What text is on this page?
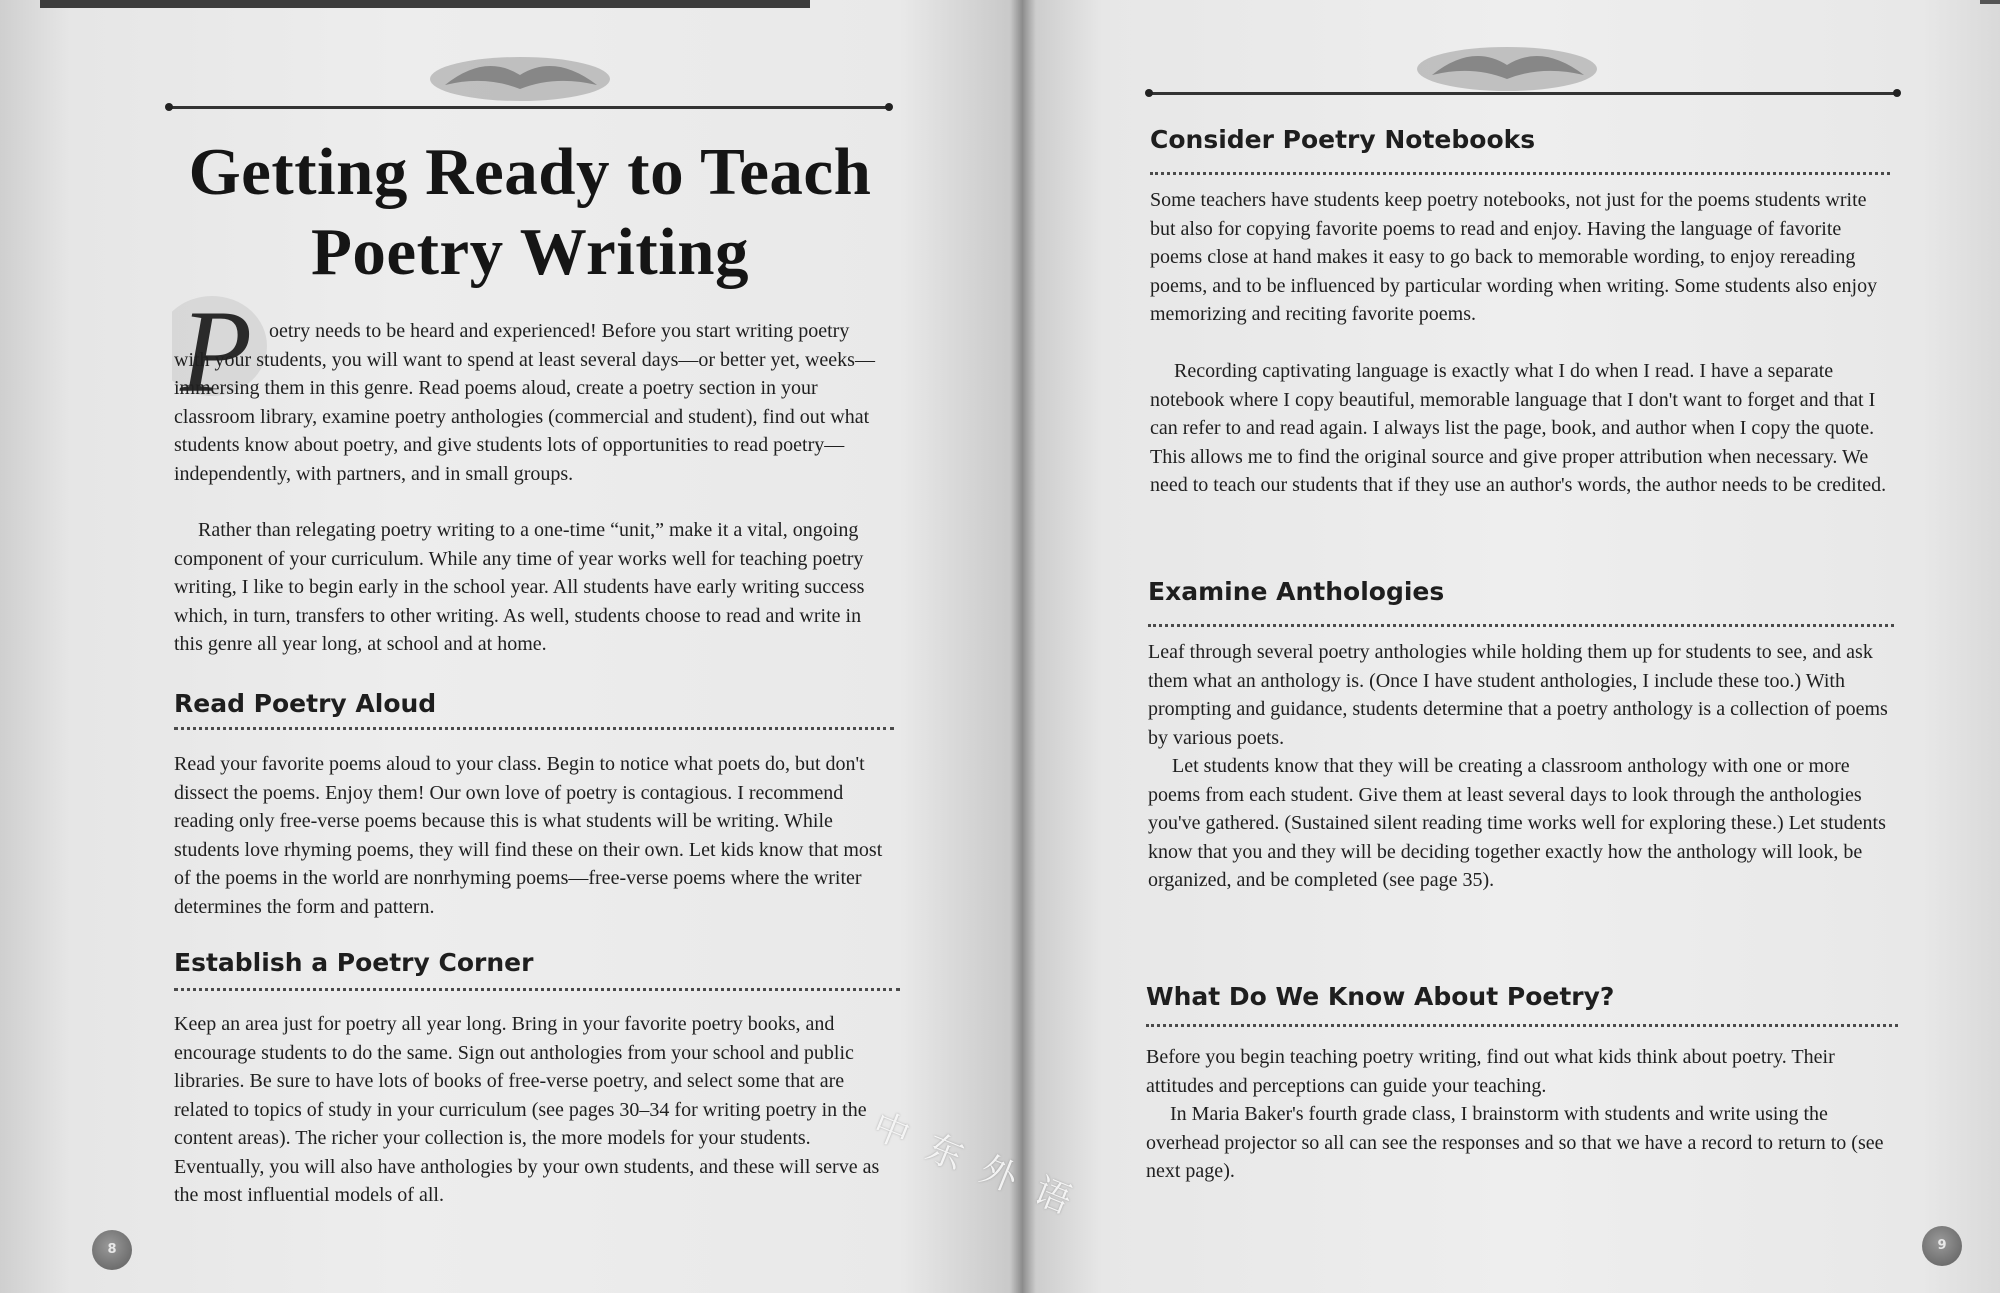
Getting Ready to Teach
Poetry Writing
P oetry needs to be heard and experienced! Before you start writing poetry with your students, you will want to spend at least several days—or better yet, weeks—immersing them in this genre. Read poems aloud, create a poetry section in your classroom library, examine poetry anthologies (commercial and student), find out what students know about poetry, and give students lots of opportunities to read poetry—independently, with partners, and in small groups.

Rather than relegating poetry writing to a one-time “unit,” make it a vital, ongoing component of your curriculum. While any time of year works well for teaching poetry writing, I like to begin early in the school year. All students have early writing success which, in turn, transfers to other writing. As well, students choose to read and write in this genre all year long, at school and at home.

Read Poetry Aloud

Read your favorite poems aloud to your class. Begin to notice what poets do, but don't dissect the poems. Enjoy them! Our own love of poetry is contagious. I recommend reading only free-verse poems because this is what students will be writing. While students love rhyming poems, they will find these on their own. Let kids know that most of the poems in the world are nonrhyming poems—free-verse poems where the writer determines the form and pattern.

Establish a Poetry Corner

Keep an area just for poetry all year long. Bring in your favorite poetry books, and encourage students to do the same. Sign out anthologies from your school and public libraries. Be sure to have lots of books of free-verse poetry, and select some that are related to topics of study in your curriculum (see pages 30–34 for writing poetry in the content areas). The richer your collection is, the more models for your students. Eventually, you will also have anthologies by your own students, and these will serve as the most influential models of all.

8
Consider Poetry Notebooks

Some teachers have students keep poetry notebooks, not just for the poems students write but also for copying favorite poems to read and enjoy. Having the language of favorite poems close at hand makes it easy to go back to memorable wording, to enjoy rereading poems, and to be influenced by particular wording when writing. Some students also enjoy memorizing and reciting favorite poems.

Recording captivating language is exactly what I do when I read. I have a separate notebook where I copy beautiful, memorable language that I don't want to forget and that I can refer to and read again. I always list the page, book, and author when I copy the quote. This allows me to find the original source and give proper attribution when necessary. We need to teach our students that if they use an author's words, the author needs to be credited.

Examine Anthologies

Leaf through several poetry anthologies while holding them up for students to see, and ask them what an anthology is. (Once I have student anthologies, I include these too.) With prompting and guidance, students determine that a poetry anthology is a collection of poems by various poets.

Let students know that they will be creating a classroom anthology with one or more poems from each student. Give them at least several days to look through the anthologies you've gathered. (Sustained silent reading time works well for exploring these.) Let students know that you and they will be deciding together exactly how the anthology will look, be organized, and be completed (see page 35).

What Do We Know About Poetry?

Before you begin teaching poetry writing, find out what kids think about poetry. Their attitudes and perceptions can guide your teaching.

In Maria Baker's fourth grade class, I brainstorm with students and write using the overhead projector so all can see the responses and so that we have a record to return to (see next page).

9
中东外语
